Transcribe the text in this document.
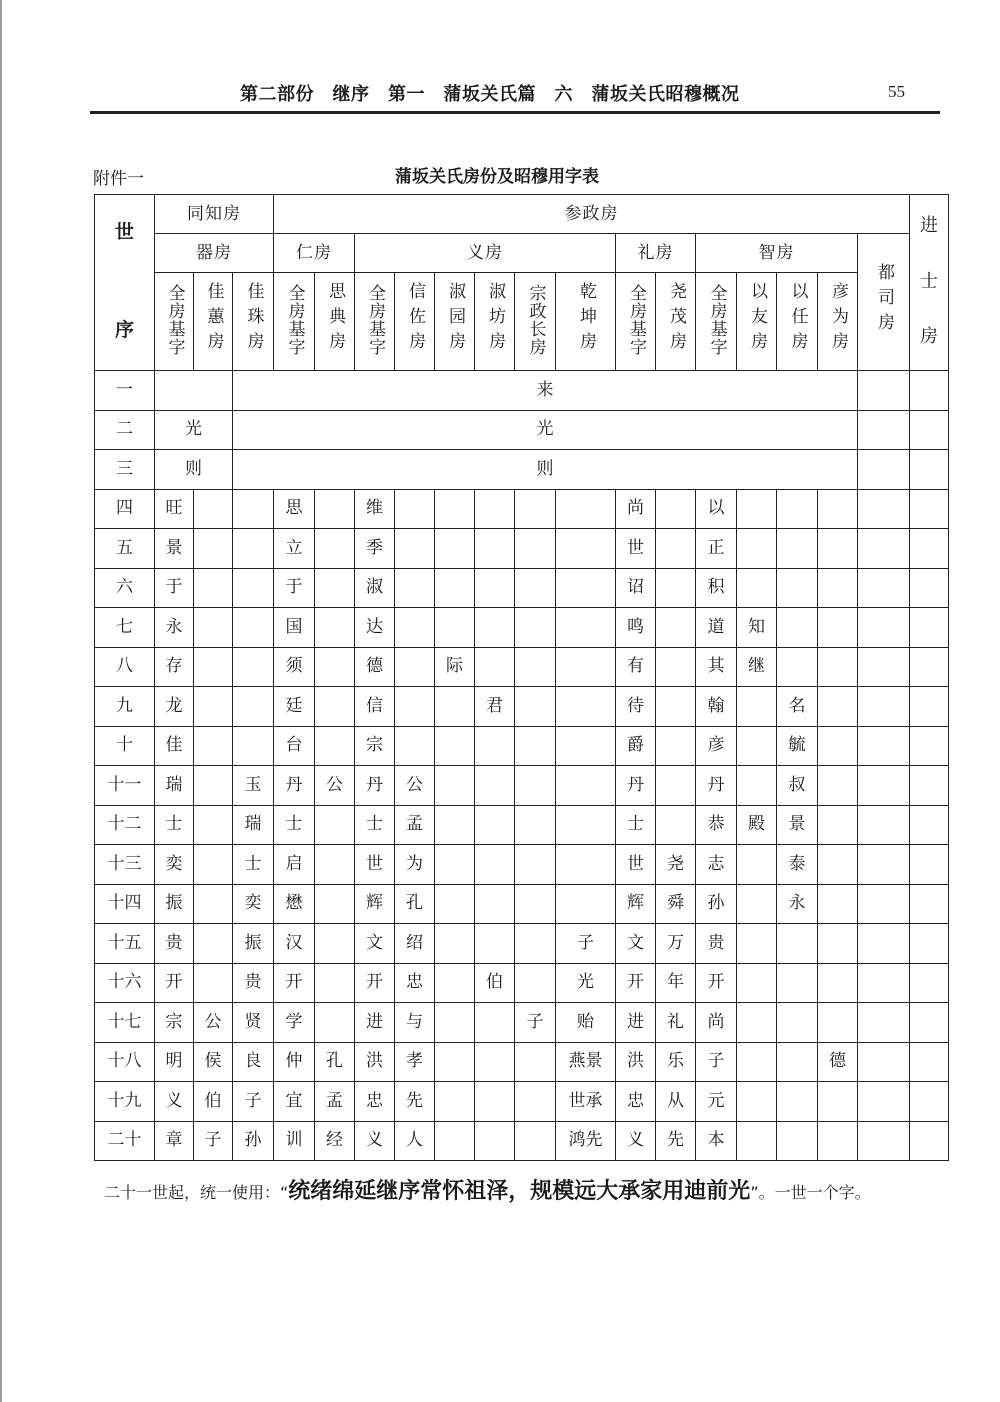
第二部份　继序　第一　蒲坂关氏篇　六　蒲坂关氏昭穆概况	55
附件一	蒲坂关氏房份及昭穆用字表
世
序	同知房			参政房															进
士
房

	器房			仁房		义房						礼房		智房				都司房	
	全房基字	佳蕙房	佳珠房	全房基字	思典房	全房基字	信佐房	淑园房	淑坊房	宗政长房	乾坤房	全房基字	尧茂房	全房基字	以友房	以任房	彦为房		
一			来																
二	光		光																
三	则		则																
四	旺			思		维						尚		以					
五	景			立		季						世		正					
六	于			于		淑						诏		积					
七	永			国		达						鸣		道	知				
八	存			须		德		际				有		其	继				
九	龙			廷		信			君			待		翰		名			
十	佳			台		宗						爵		彦		毓			
十一	瑞		玉	丹	公	丹	公					丹		丹		叔			
十二	士		瑞	士		士	孟					士		恭	殿	景			
十三	奕		士	启		世	为					世	尧	志		泰			
十四	振		奕	懋		辉	孔					辉	舜	孙		永			
十五	贵		振	汉		文	绍				子	文	万	贵					
十六	开		贵	开		开	忠		伯		光	开	年	开					
十七	宗	公	贤	学		进	与			子	贻	进	礼	尚					
十八	明	侯	良	仲	孔	洪	孝				燕景	洪	乐	子			德		
十九	义	伯	子	宜	孟	忠	先				世承	忠	从	元					
二十	章	子	孙	训	经	义	人				鸿先	义	先	本					
二十一世起，统一使用：“统绪绵延继序常怀祖泽，规模远大承家用迪前光”。一世一个字。
